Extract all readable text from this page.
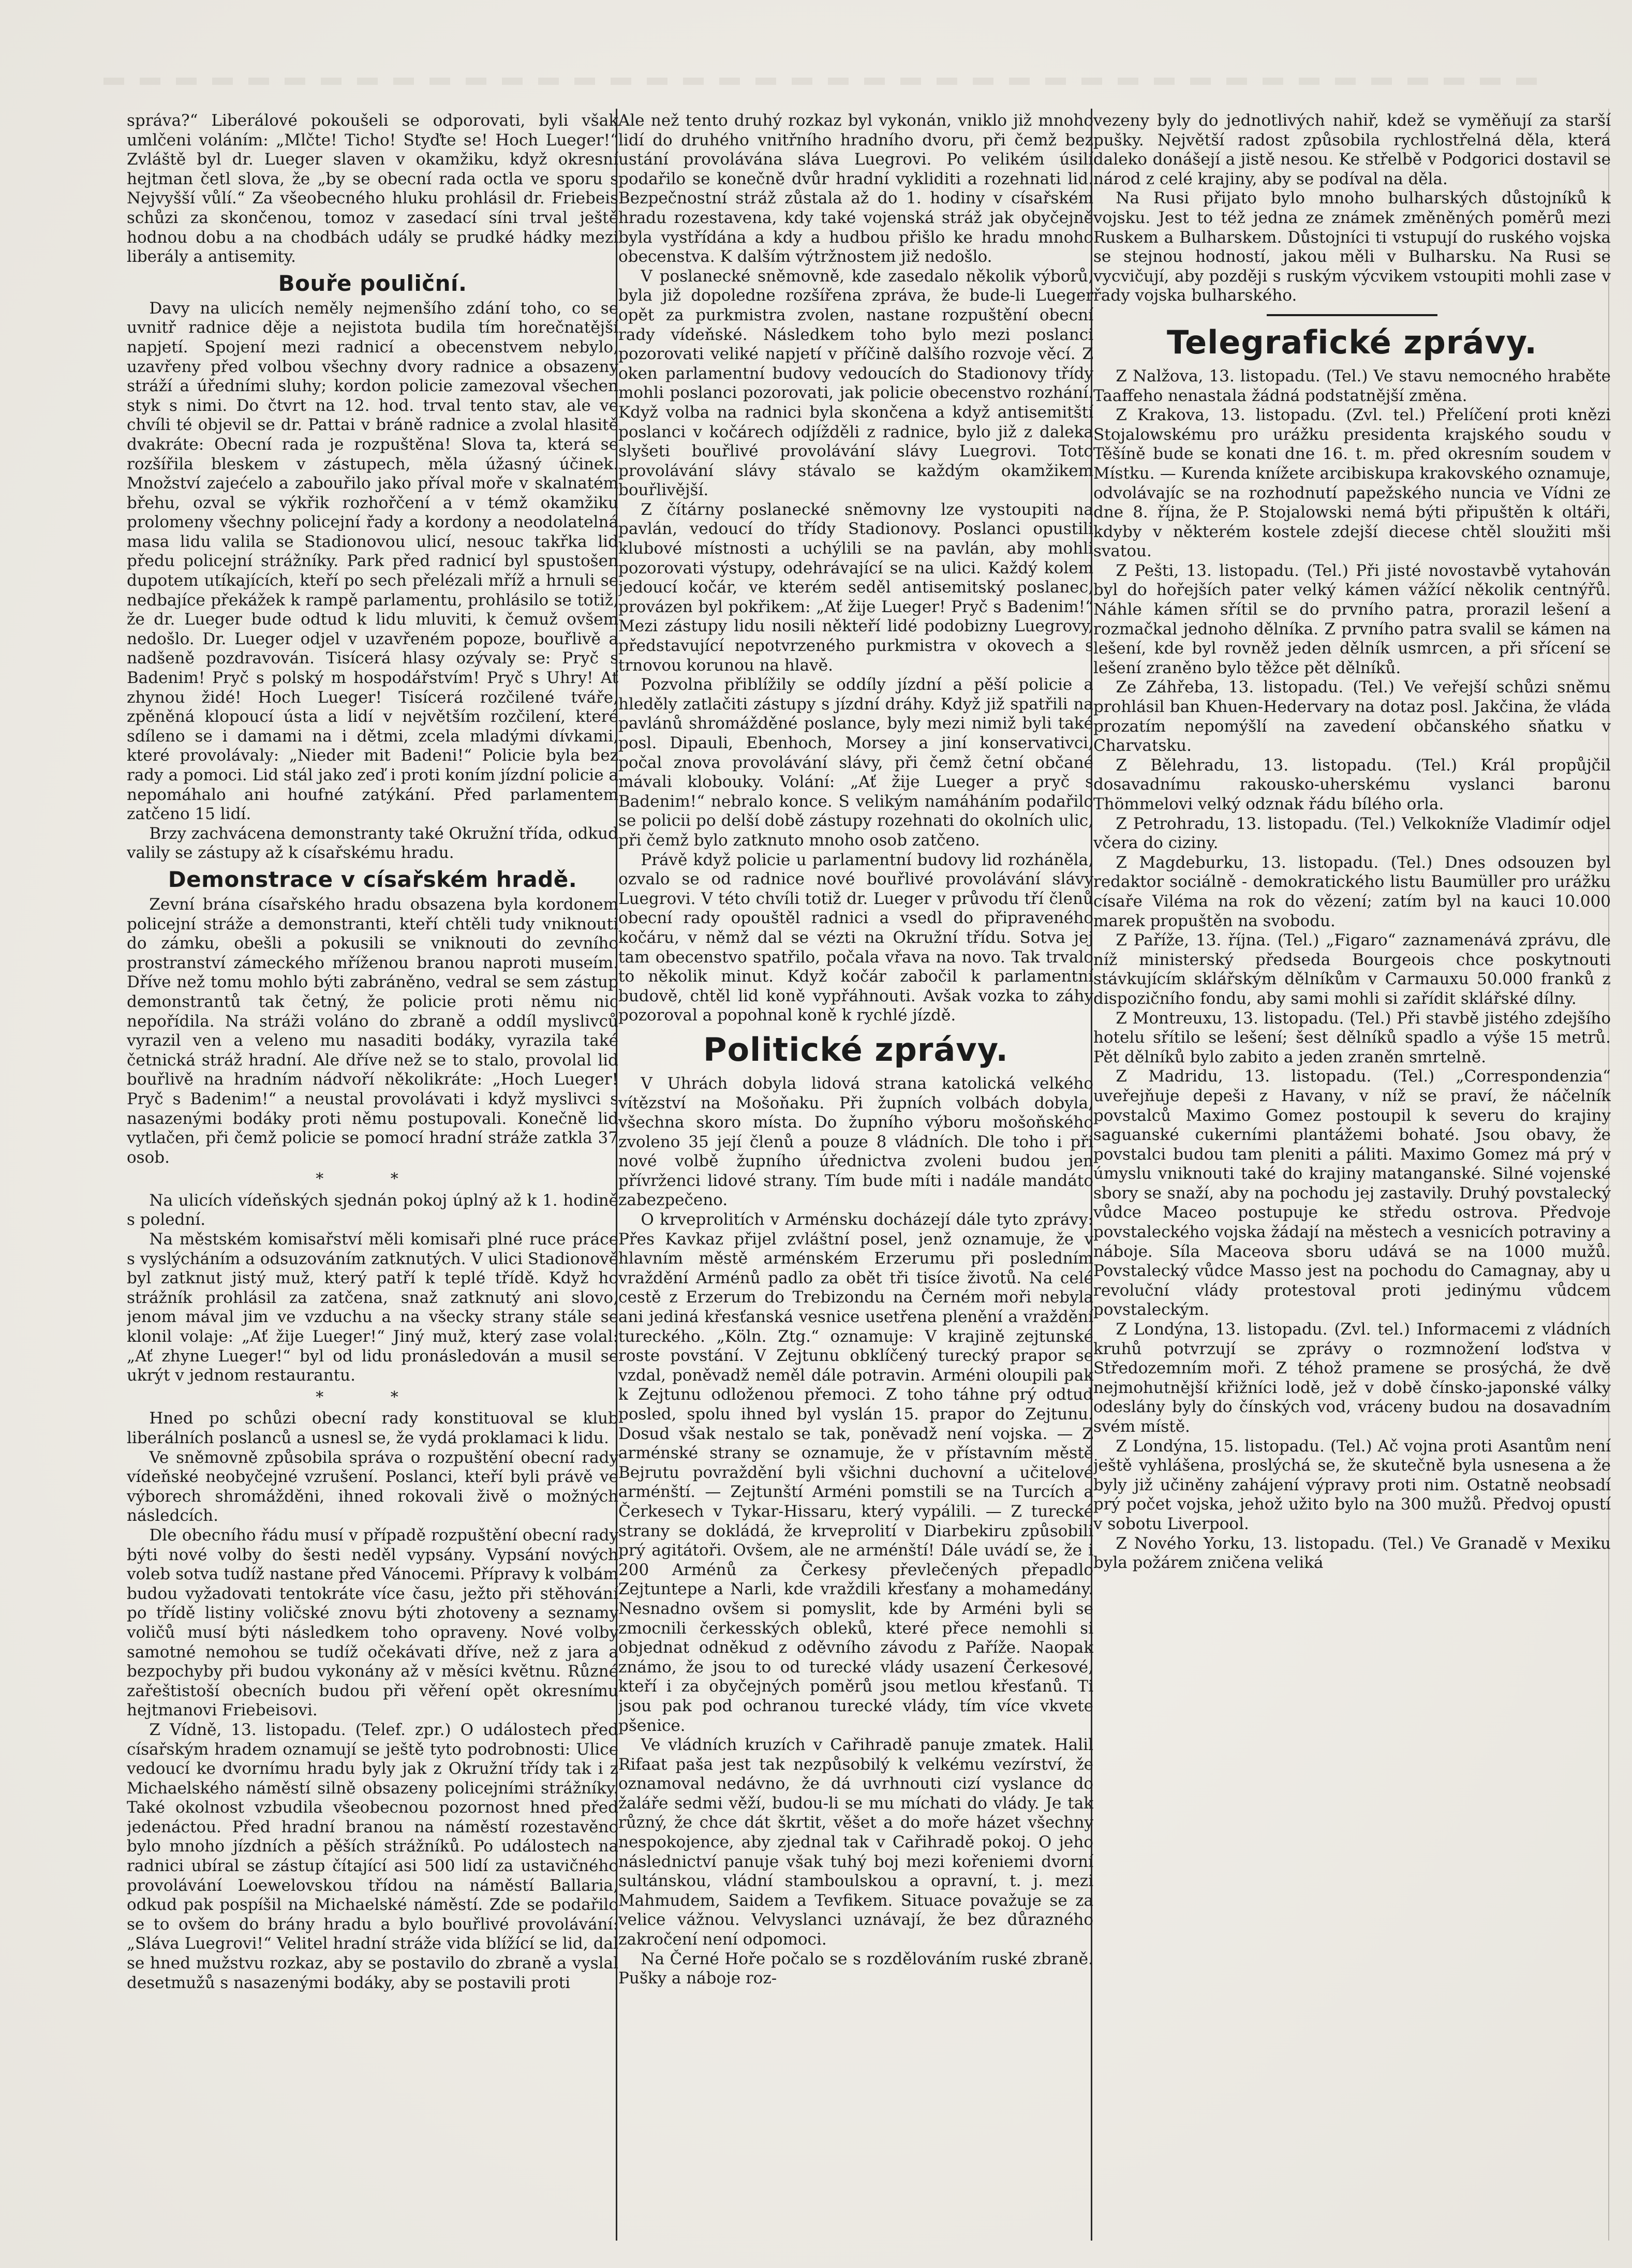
správa?“ Liberálové pokoušeli se odporovati, byli však umlčeni voláním: „Mlčte! Ticho! Styďte se! Hoch Lueger!“ Zvláště byl dr. Lueger slaven v okamžiku, když okresní hejtman četl slova, že „by se obecní rada octla ve sporu s Nejvyšší vůlí.“ Za všeobecného hluku prohlásil dr. Friebeis schůzi za skončenou, tomoz v zasedací síni trval ještě hodnou dobu a na chodbách udály se prudké hádky mezi liberály a antisemity.

Bouře pouliční.

Davy na ulicích neměly nejmenšího zdání toho, co se uvnitř radnice děje a nejistota budila tím horečnatější napjetí. Spojení mezi radnicí a obecenstvem nebylo, uzavřeny před volbou všechny dvory radnice a obsazeny stráží a úředními sluhy; kordon policie zamezoval všechen styk s nimi. Do čtvrt na 12. hod. trval tento stav, ale ve chvíli té objevil se dr. Pattai v bráně radnice a zvolal hlasitě dvakráte: Obecní rada je rozpuštěna! Slova ta, která se rozšířila bleskem v zástupech, měla úžasný účinek. Množství zajećelo a zabouřilo jako příval moře v skalnatém břehu, ozval se výkřik rozhořčení a v témž okamžiku prolomeny všechny policejní řady a kordony a neodolatelná masa lidu valila se Stadionovou ulicí, nesouc takřka lid předu policejní strážníky. Park před radnicí byl spustošen dupotem utíkajících, kteří po sech přelézali mříž a hrnuli se nedbajíce překážek k rampě parlamentu, prohlásilo se totiž, že dr. Lueger bude odtud k lidu mluviti, k čemuž ovšem nedošlo. Dr. Lueger odjel v uzavřeném popoze, bouřlivě a nadšeně pozdravován. Tisícerá hlasy ozývaly se: Pryč s Badenim! Pryč s polský m hospodářstvím! Pryč s Uhry! Ať zhynou židé! Hoch Lueger! Tisícerá rozčilené tváře, zpěněná klopoucí ústa a lidí v největším rozčilení, které sdíleno se i damami na i dětmi, zcela mladými dívkami, které provolávaly: „Nieder mit Badeni!“ Policie byla bez rady a pomoci. Lid stál jako zeď i proti koním jízdní policie a nepomáhalo ani houfné zatýkání. Před parlamentem zatčeno 15 lidí.

Brzy zachvácena demonstranty také Okružní třída, odkud valily se zástupy až k císařskému hradu.

Demonstrace v císařském hradě.

Zevní brána císařského hradu obsazena byla kordonem policejní stráže a demonstranti, kteří chtěli tudy vniknouti do zámku, obešli a pokusili se vniknouti do zevního prostranství zámeckého mříženou branou naproti museím. Dříve než tomu mohlo býti zabráněno, vedral se sem zástup demonstrantů tak četný, že policie proti němu nic nepořídila. Na stráži voláno do zbraně a oddíl myslivců vyrazil ven a veleno mu nasaditi bodáky, vyrazila také četnická stráž hradní. Ale dříve než se to stalo, provolal lid bouřlivě na hradním nádvoří několikráte: „Hoch Lueger! Pryč s Badenim!“ a neustal provolávati i když myslivci s nasazenými bodáky proti němu postupovali. Konečně lid vytlačen, při čemž policie se pomocí hradní stráže zatkla 37 osob.

* *

Na ulicích vídeňských sjednán pokoj úplný až k 1. hodině s polední.

Na městském komisařství měli komisaři plné ruce práce s vyslýcháním a odsuzováním zatknutých. V ulici Stadionově byl zatknut jistý muž, který patří k teplé třídě. Když ho strážník prohlásil za zatčena, snaž zatknutý ani slovo, jenom mával jim ve vzduchu a na všecky strany stále se klonil volaje: „Ať žije Lueger!“ Jiný muž, který zase volal: „Ať zhyne Lueger!“ byl od lidu pronásledován a musil se ukrýt v jednom restaurantu.

* *

Hned po schůzi obecní rady konstituoval se klub liberálních poslanců a usnesl se, že vydá proklamaci k lidu.

Ve sněmovně způsobila správa o rozpuštění obecní rady vídeňské neobyčejné vzrušení. Poslanci, kteří byli právě ve výborech shromážděni, ihned rokovali živě o možných následcích.

Dle obecního řádu musí v případě rozpuštění obecní rady býti nové volby do šesti neděl vypsány. Vypsání nových voleb sotva tudíž nastane před Vánocemi. Přípravy k volbám budou vyžadovati tentokráte více času, ježto při stěhování po třídě listiny voličské znovu býti zhotoveny a seznamy voličů musí býti následkem toho opraveny. Nové volby samotné nemohou se tudíž očekávati dříve, než z jara a bezpochyby při budou vykonány až v měsíci květnu. Různé zařeštistoší obecních budou při věření opět okresnímu hejtmanovi Friebeisovi.

Z Vídně, 13. listopadu. (Telef. zpr.) O událostech před císařským hradem oznamují se ještě tyto podrobnosti: Ulice vedoucí ke dvornímu hradu byly jak z Okružní třídy tak i z Michaelského náměstí silně obsazeny policejními strážníky. Také okolnost vzbudila všeobecnou pozornost hned před jedenáctou. Před hradní branou na náměstí rozestavěno bylo mnoho jízdních a pěších strážníků. Po událostech na radnici ubíral se zástup čítající asi 500 lidí za ustavičného provolávání Loewelovskou třídou na náměstí Ballaria, odkud pak pospíšil na Michaelské náměstí. Zde se podařilo se to ovšem do brány hradu a bylo bouřlivé provolávání: „Sláva Luegrovi!“ Velitel hradní stráže vida blížící se lid, dal se hned mužstvu rozkaz, aby se postavilo do zbraně a vyslal desetmužů s nasazenými bodáky, aby se postavili proti

Ale než tento druhý rozkaz byl vykonán, vniklo již mnoho lidí do druhého vnitřního hradního dvoru, při čemž bez ustání provolávána sláva Luegrovi. Po velikém úsilí podařilo se konečně dvůr hradní vykliditi a rozehnati lid. Bezpečnostní stráž zůstala až do 1. hodiny v císařském hradu rozestavena, kdy také vojenská stráž jak obyčejně byla vystřídána a kdy a hudbou přišlo ke hradu mnoho obecenstva. K dalším výtržnostem již nedošlo.

V poslanecké sněmovně, kde zasedalo několik výborů, byla již dopoledne rozšířena zpráva, že bude-li Lueger opět za purkmistra zvolen, nastane rozpuštění obecní rady vídeňské. Následkem toho bylo mezi poslanci pozorovati veliké napjetí v příčině dalšího rozvoje věcí. Z oken parlamentní budovy vedoucích do Stadionovy třídy mohli poslanci pozorovati, jak policie obecenstvo rozhání. Když volba na radnici byla skončena a když antisemitští poslanci v kočárech odjížděli z radnice, bylo již z daleka slyšeti bouřlivé provolávání slávy Luegrovi. Toto provolávání slávy stávalo se každým okamžikem bouřlivější.

Z čítárny poslanecké sněmovny lze vystoupiti na pavlán, vedoucí do třídy Stadionovy. Poslanci opustili klubové místnosti a uchýlili se na pavlán, aby mohli pozorovati výstupy, odehrávající se na ulici. Každý kolem jedoucí kočár, ve kterém seděl antisemitský poslanec, provázen byl pokřikem: „Ať žije Lueger! Pryč s Badenim!“ Mezi zástupy lidu nosili někteří lidé podobizny Luegrovy, představující nepotvrzeného purkmistra v okovech a s trnovou korunou na hlavě.

Pozvolna přiblížily se oddíly jízdní a pěší policie a hleděly zatlačiti zástupy s jízdní dráhy. Když již spatřili na pavlánů shromážděné poslance, byly mezi nimiž byli také posl. Dipauli, Ebenhoch, Morsey a jiní konservativci, počal znova provolávání slávy, při čemž četní občané mávali klobouky. Volání: „Ať žije Lueger a pryč s Badenim!“ nebralo konce. S velikým namáháním podařilo se policii po delší době zástupy rozehnati do okolních ulic, při čemž bylo zatknuto mnoho osob zatčeno.

Právě když policie u parlamentní budovy lid rozháněla, ozvalo se od radnice nové bouřlivé provolávání slávy Luegrovi. V této chvíli totiž dr. Lueger v průvodu tří členů obecní rady opouštěl radnici a vsedl do připraveného kočáru, v němž dal se vézti na Okružní třídu. Sotva jej tam obecenstvo spatřilo, počala vřava na novo. Tak trvalo to několik minut. Když kočár zabočil k parlamentní budově, chtěl lid koně vypřáhnouti. Avšak vozka to záhy pozoroval a popohnal koně k rychlé jízdě.

Politické zprávy.

V Uhrách dobyla lidová strana katolická velkého vítězství na Mošoňaku. Při župních volbách dobyla, všechna skoro místa. Do župního výboru mošoňského zvoleno 35 její členů a pouze 8 vládních. Dle toho i při nové volbě župního úřednictva zvoleni budou jen přívrženci lidové strany. Tím bude míti i nadále mandáto zabezpečeno.

O krveprolitích v Arménsku docházejí dále tyto zprávy: Přes Kavkaz přijel zvláštní posel, jenž oznamuje, že v hlavním městě arménském Erzerumu při posledním vraždění Arménů padlo za obět tři tisíce životů. Na celé cestě z Erzerum do Trebizondu na Černém moři nebyla ani jediná křesťanská vesnice usetřena plenění a vraždění tureckého. „Köln. Ztg.“ oznamuje: V krajině zejtunské roste povstání. V Zejtunu obklíčený turecký prapor se vzdal, poněvadž neměl dále potravin. Arméni oloupili pak k Zejtunu odloženou přemoci. Z toho táhne prý odtud posled, spolu ihned byl vyslán 15. prapor do Zejtunu. Dosud však nestalo se tak, poněvadž není vojska. — Z arménské strany se oznamuje, že v přístavním městě Bejrutu povraždění byli všichni duchovní a učitelové arménští. — Zejtunští Arméni pomstili se na Turcích a Čerkesech v Tykar-Hissaru, který vypálili. — Z turecké strany se dokládá, že krveprolití v Diarbekiru způsobili prý agitátoři. Ovšem, ale ne arménští! Dále uvádí se, že i 200 Arménů za Čerkesy převlečených přepadlo Zejtuntepe a Narli, kde vraždili křesťany a mohamedány. Nesnadno ovšem si pomyslit, kde by Arméni byli se zmocnili čerkesských obleků, které přece nemohli si objednat odněkud z oděvního závodu z Paříže. Naopak známo, že jsou to od turecké vlády usazení Čerkesové, kteří i za obyčejných poměrů jsou metlou křesťanů. Ti jsou pak pod ochranou turecké vlády, tím více vkvete pšenice.

Ve vládních kruzích v Cařihradě panuje zmatek. Halil Rifaat paša jest tak nezpůsobilý k velkému vezírství, že oznamoval nedávno, že dá uvrhnouti cizí vyslance do žaláře sedmi věží, budou-li se mu míchati do vlády. Je tak různý, že chce dát škrtit, věšet a do moře házet všechny nespokojence, aby zjednal tak v Cařihradě pokoj. O jeho následnictví panuje však tuhý boj mezi kořeniemi dvorní sultánskou, vládní stamboulskou a opravní, t. j. mezi Mahmudem, Saidem a Tevfikem. Situace považuje se za velice vážnou. Velvyslanci uznávají, že bez důrazného zakročení není odpomoci.

Na Černé Hoře počalo se s rozdělováním ruské zbraně. Pušky a náboje roz-

vezeny byly do jednotlivých nahiř, kdež se vyměňují za starší pušky. Největší radost způsobila rychlostřelná děla, která daleko donášejí a jistě nesou. Ke střelbě v Podgorici dostavil se národ z celé krajiny, aby se podíval na děla.

Na Rusi přijato bylo mnoho bulharských důstojníků k vojsku. Jest to též jedna ze známek změněných poměrů mezi Ruskem a Bulharskem. Důstojníci ti vstupují do ruského vojska se stejnou hodností, jakou měli v Bulharsku. Na Rusi se vycvičují, aby později s ruským výcvikem vstoupiti mohli zase v řady vojska bulharského.

Telegrafické zprávy.

Z Nalžova, 13. listopadu. (Tel.) Ve stavu nemocného hraběte Taaffeho nenastala žádná podstatnější změna.

Z Krakova, 13. listopadu. (Zvl. tel.) Přelíčení proti knězi Stojalowskému pro urážku presidenta krajského soudu v Těšíně bude se konati dne 16. t. m. před okresním soudem v Místku. — Kurenda knížete arcibiskupa krakovského oznamuje, odvolávajíc se na rozhodnutí papežského nuncia ve Vídni ze dne 8. října, že P. Stojalowski nemá býti připuštěn k oltáři, kdyby v některém kostele zdejší diecese chtěl sloužiti mši svatou.

Z Pešti, 13. listopadu. (Tel.) Při jisté novostavbě vytahován byl do hořejších pater velký kámen vážící několik centnýřů. Náhle kámen sřítil se do prvního patra, prorazil lešení a rozmačkal jednoho dělníka. Z prvního patra svalil se kámen na lešení, kde byl rovněž jeden dělník usmrcen, a při sřícení se lešení zraněno bylo těžce pět dělníků.

Ze Záhřeba, 13. listopadu. (Tel.) Ve veřejší schůzi sněmu prohlásil ban Khuen-Hedervary na dotaz posl. Jakčina, že vláda prozatím nepomýšlí na zavedení občanského sňatku v Charvatsku.

Z Bělehradu, 13. listopadu. (Tel.) Král propůjčil dosavadnímu rakousko-uherskému vyslanci baronu Thömmelovi velký odznak řádu bílého orla.

Z Petrohradu, 13. listopadu. (Tel.) Velkokníže Vladimír odjel včera do ciziny.

Z Magdeburku, 13. listopadu. (Tel.) Dnes odsouzen byl redaktor sociálně - demokratického listu Baumüller pro urážku císaře Viléma na rok do vězení; zatím byl na kauci 10.000 marek propuštěn na svobodu.

Z Paříže, 13. října. (Tel.) „Figaro“ zaznamenává zprávu, dle níž ministerský předseda Bourgeois chce poskytnouti stávkujícím sklářským dělníkům v Carmauxu 50.000 franků z dispozičního fondu, aby sami mohli si zařídit sklářské dílny.

Z Montreuxu, 13. listopadu. (Tel.) Při stavbě jistého zdejšího hotelu sřítilo se lešení; šest dělníků spadlo a výše 15 metrů. Pět dělníků bylo zabito a jeden zraněn smrtelně.

Z Madridu, 13. listopadu. (Tel.) „Correspondenzia“ uveřejňuje depeši z Havany, v níž se praví, že náčelník povstalců Maximo Gomez postoupil k severu do krajiny saguanské cukerními plantážemi bohaté. Jsou obavy, že povstalci budou tam pleniti a páliti. Maximo Gomez má prý v úmyslu vniknouti také do krajiny matanganské. Silné vojenské sbory se snaží, aby na pochodu jej zastavily. Druhý povstalecký vůdce Maceo postupuje ke středu ostrova. Předvoje povstaleckého vojska žádají na městech a vesnicích potraviny a náboje. Síla Maceova sboru udává se na 1000 mužů. Povstalecký vůdce Masso jest na pochodu do Camagnay, aby u revoluční vlády protestoval proti jedinýmu vůdcem povstaleckým.

Z Londýna, 13. listopadu. (Zvl. tel.) Informacemi z vládních kruhů potvrzují se zprávy o rozmnožení loďstva v Středozemním moři. Z téhož pramene se prosýchá, že dvě nejmohutnější křižníci lodě, jež v době čínsko-japonské války odeslány byly do čínských vod, vráceny budou na dosavadním svém místě.

Z Londýna, 15. listopadu. (Tel.) Ač vojna proti Asantům není ještě vyhlášena, proslýchá se, že skutečně byla usnesena a že byly již učiněny zahájení výpravy proti nim. Ostatně neobsadí prý počet vojska, jehož užito bylo na 300 mužů. Předvoj opustí v sobotu Liverpool.

Z Nového Yorku, 13. listopadu. (Tel.) Ve Granadě v Mexiku byla požárem zničena veliká
